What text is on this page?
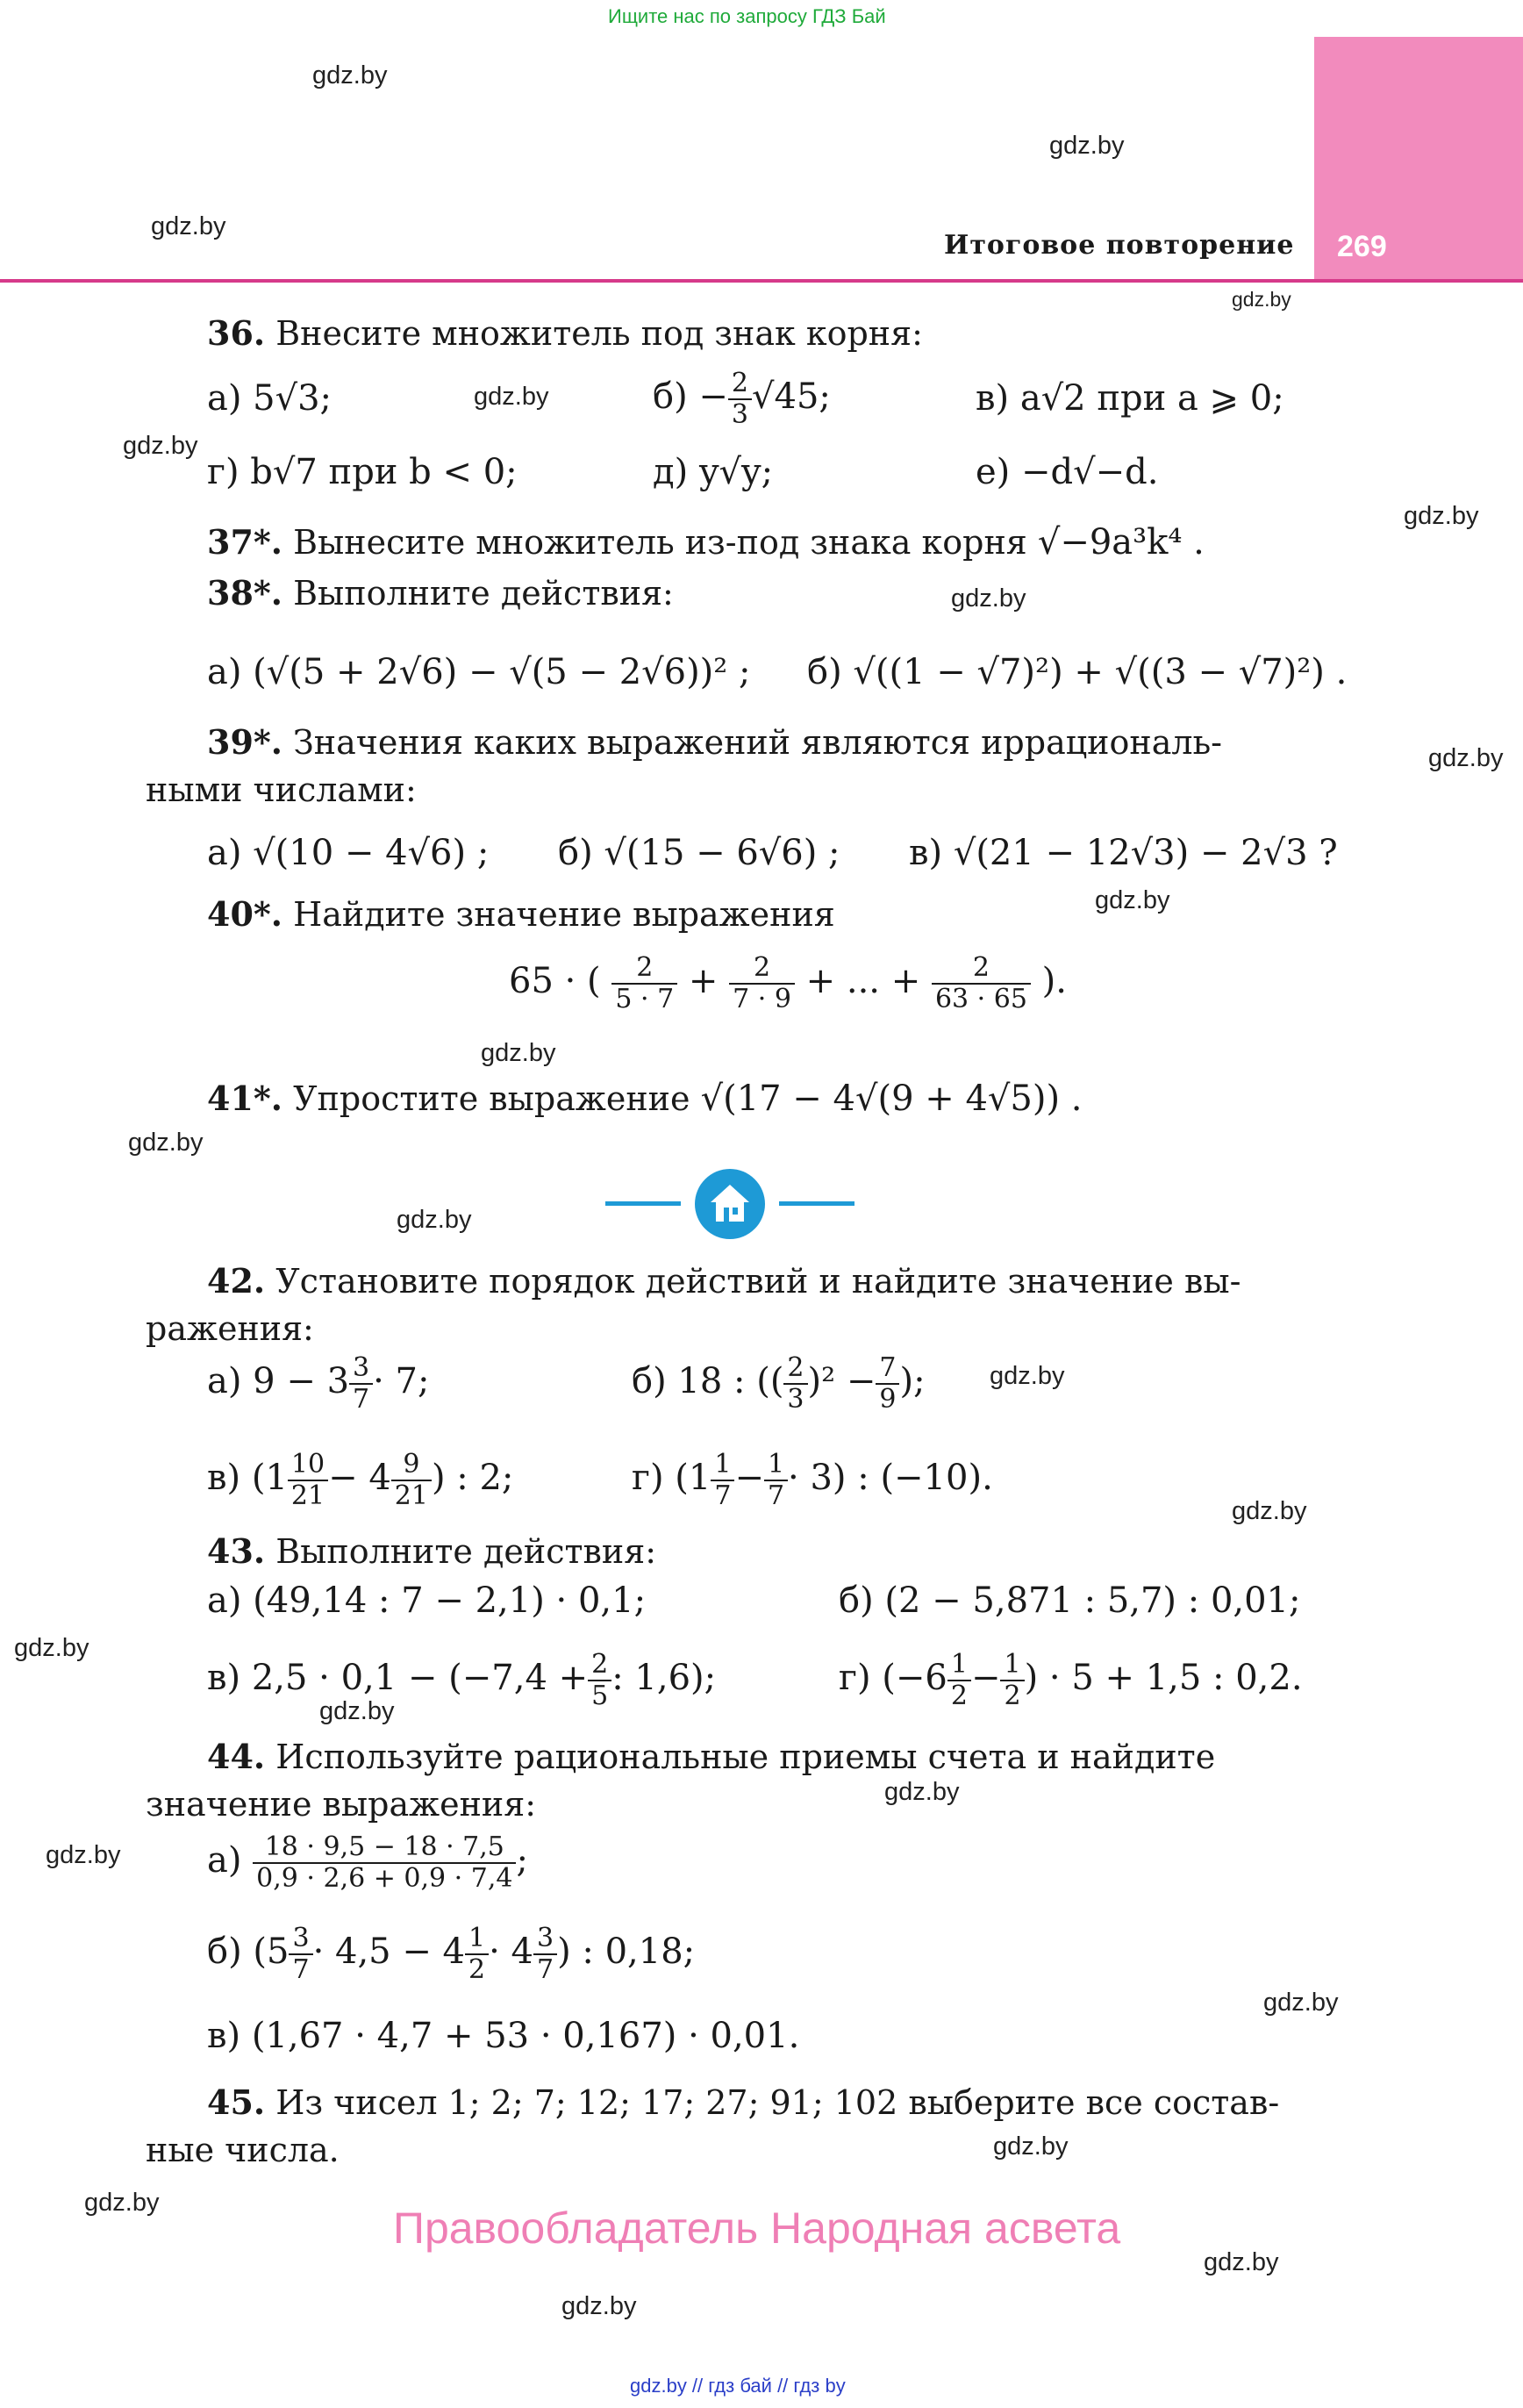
Ищите нас по запросу ГДЗ Бай
269
Итоговое повторение
gdz.by
gdz.by
gdz.by
gdz.by
gdz.by
gdz.by
gdz.by
gdz.by
gdz.by
gdz.by
gdz.by
gdz.by
gdz.by
gdz.by
gdz.by
gdz.by
gdz.by
gdz.by
gdz.by
gdz.by
gdz.by
gdz.by
gdz.by
gdz.by
36. Внесите множитель под знак корня:
а) 5√3;	$б) - \frac{2}{3} √45$;	в) a√2 при a ⩾ 0;
г) b√7 при b < 0;	д) y√y;	е) −d√−d.
37*. Вынесите множитель из-под знака корня √−9a³k⁴ .
38*. Выполните действия:
а) (√(5 + 2√6) − √(5 − 2√6))² ; б) √((1 − √7)²) + √((3 − √7)²) .
39*. Значения каких выражений являются иррациональ-
ными числами:
а) √(10 − 4√6) ; б) √(15 − 6√6) ; в) √(21 − 12√3) − 2√3 ?
40*. Найдите значение выражения
65 · ( $\frac{2}{5 \cdot 7} + \frac{2}{7 \cdot 9}$ + ... + $\frac{2}{63 \cdot 65}$ ).
41*. Упростите выражение √(17 − 4√(9 + 4√5)) .
42. Установите порядок действий и найдите значение вы-
ражения:
а) $9 - 3 \frac{3}{7} \cdot 7$;	б) 18 : (( $\frac{2}{3} )^2 - \frac{7}{9}$ );
в) ($1 \frac{10}{21} - 4 \frac{9}{21}$ ) : 2;	г) $(1 \frac{1}{7} - \frac{1}{7} \cdot 3)$ : (−10).
43. Выполните действия:
а) (49,14 : 7 − 2,1) · 0,1;	б) (2 − 5,871 : 5,7) : 0,01;
в) $2,5 \cdot 0,1 - (-7,4 + \frac{2}{5}$ : 1,6);	г) ($-6 \frac{1}{2} - \frac{1}{2}$ ) · 5 + 1,5 : 0,2.
44. Используйте рациональные приемы счета и найдите
значение выражения:
$а) \frac{18 \cdot 9,5 - 18 \cdot 7,5}{0,9 \cdot 2,6 + 0,9 \cdot 7,4}$ ;
б) ($5 \frac{3}{7} \cdot 4,5 - 4 \frac{1}{2} \cdot 4 \frac{3}{7}$ ) : 0,18;
в) (1,67 · 4,7 + 53 · 0,167) · 0,01.
45. Из чисел 1; 2; 7; 12; 17; 27; 91; 102 выберите все состав-
ные числа.
Правообладатель Народная асвета
gdz.by // гдз бай // гдз by
